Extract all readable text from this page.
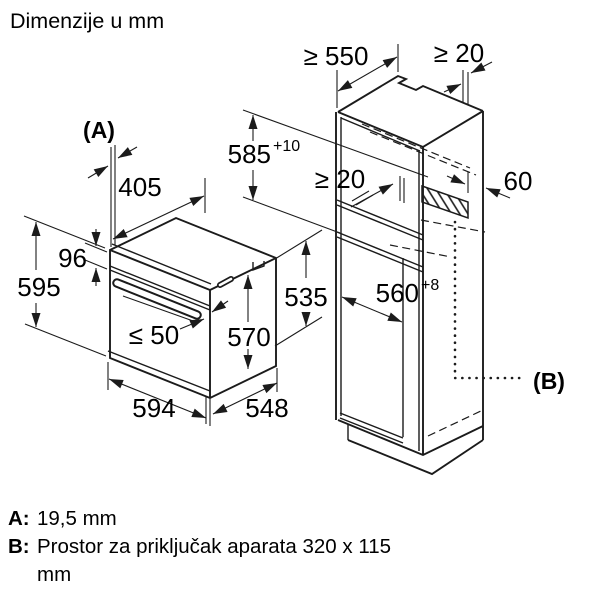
Dimenzije u mm
(A)
405
96
595
≤ 50 570
594	548
≥ 550	≥ 20
585 +10
≥ 20	60
535 560 +8
(B)
A: 19,5 mm
B: Prostor za priključak aparata 320 x 115
mm
